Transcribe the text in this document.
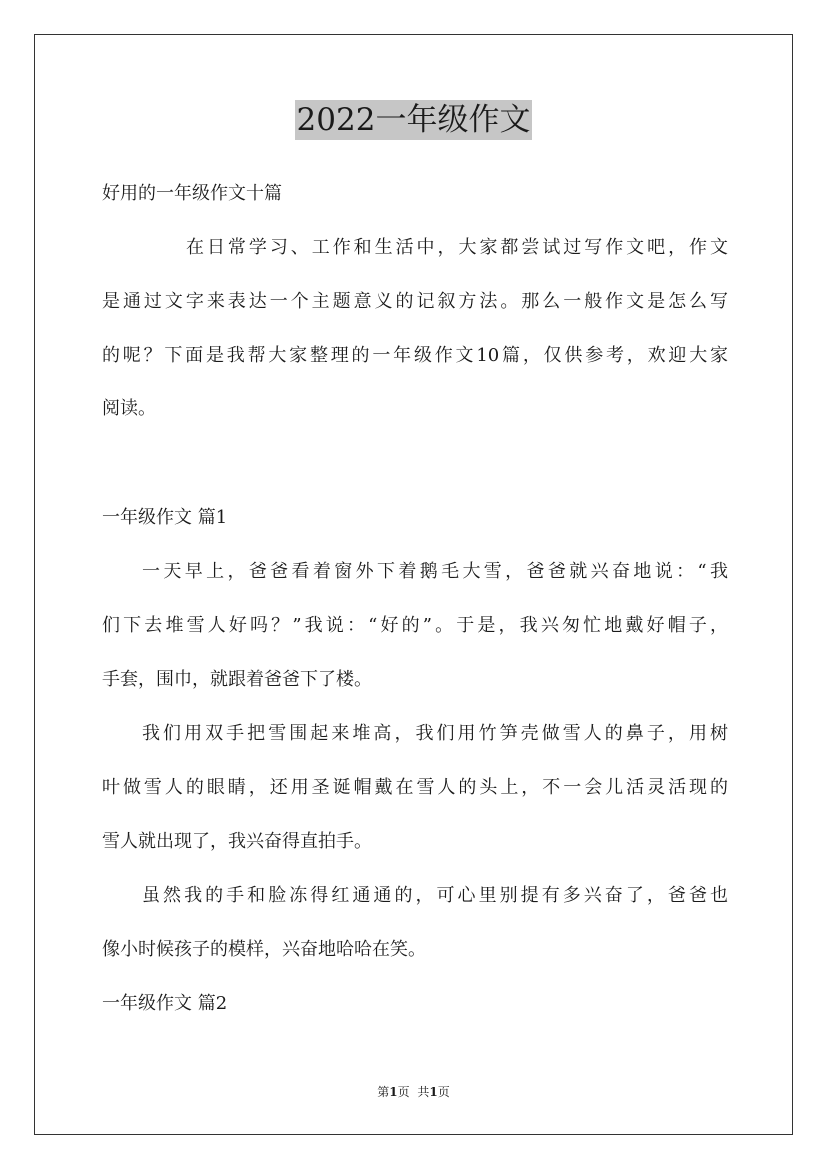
2022一年级作文

好用的一年级作文十篇

在日常学习、工作和生活中，大家都尝试过写作文吧，作文

是通过文字来表达一个主题意义的记叙方法。那么一般作文是怎么写

的呢？下面是我帮大家整理的一年级作文10篇，仅供参考，欢迎大家

阅读。

一年级作文 篇1

一天早上，爸爸看着窗外下着鹅毛大雪，爸爸就兴奋地说：“我

们下去堆雪人好吗？”我说：“好的”。于是，我兴匆忙地戴好帽子，

手套，围巾，就跟着爸爸下了楼。

我们用双手把雪围起来堆高，我们用竹笋壳做雪人的鼻子，用树

叶做雪人的眼睛，还用圣诞帽戴在雪人的头上，不一会儿活灵活现的

雪人就出现了，我兴奋得直拍手。

虽然我的手和脸冻得红通通的，可心里别提有多兴奋了，爸爸也

像小时候孩子的模样，兴奋地哈哈在笑。

一年级作文 篇2

第1页 共1页
